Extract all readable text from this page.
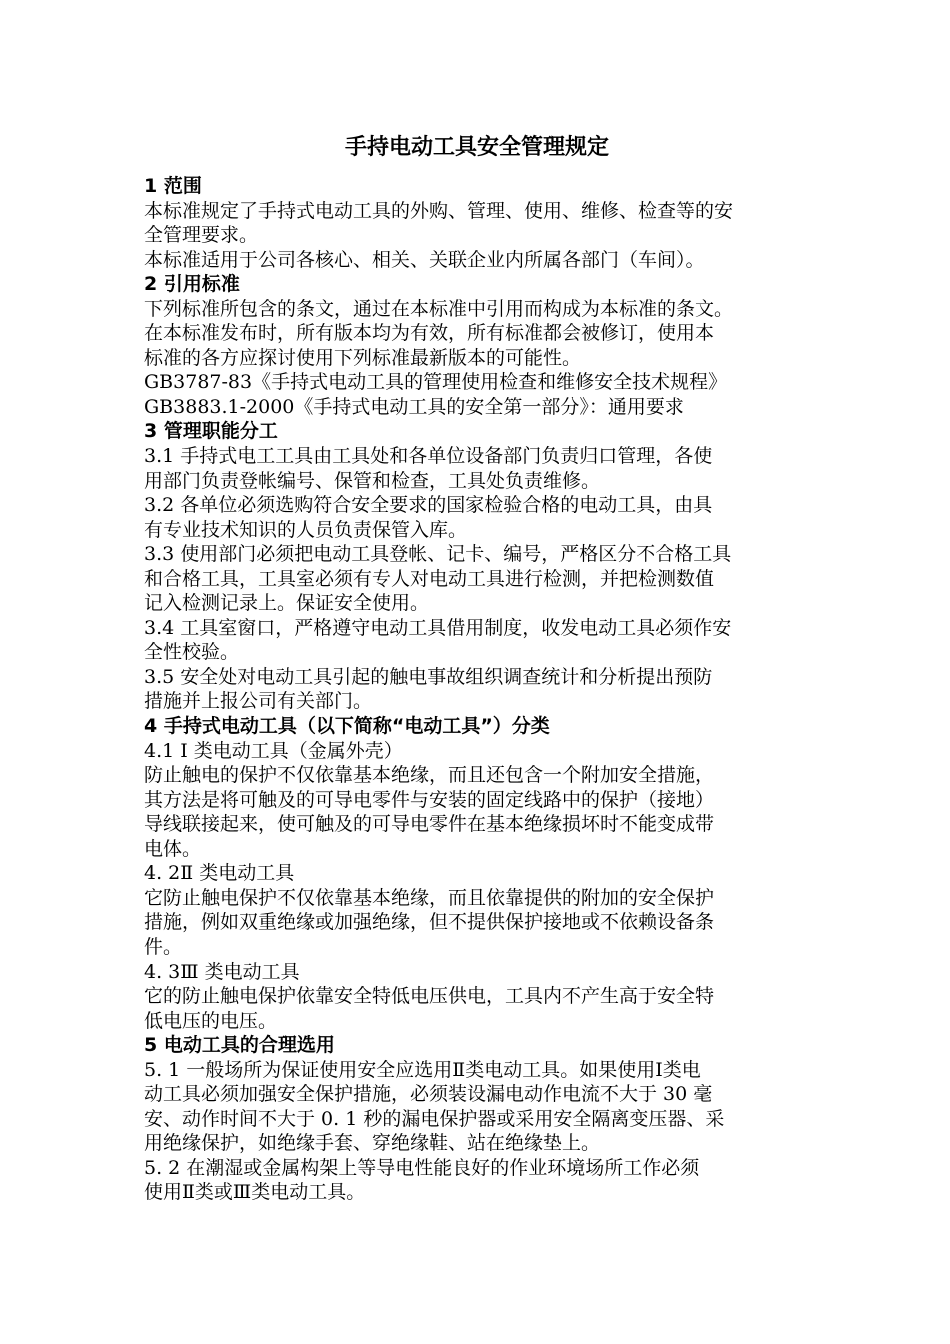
手持电动工具安全管理规定
1 范围
本标准规定了手持式电动工具的外购、管理、使用、维修、检查等的安
全管理要求。
本标准适用于公司各核心、相关、关联企业内所属各部门（车间）。
2 引用标准
下列标准所包含的条文，通过在本标准中引用而构成为本标准的条文。
在本标准发布时，所有版本均为有效，所有标准都会被修订，使用本
标准的各方应探讨使用下列标准最新版本的可能性。
GB3787-83《手持式电动工具的管理使用检查和维修安全技术规程》
GB3883.1-2000《手持式电动工具的安全第一部分》：通用要求
3 管理职能分工
3.1 手持式电工工具由工具处和各单位设备部门负责归口管理，各使
用部门负责登帐编号、保管和检查，工具处负责维修。
3.2 各单位必须选购符合安全要求的国家检验合格的电动工具，由具
有专业技术知识的人员负责保管入库。
3.3 使用部门必须把电动工具登帐、记卡、编号，严格区分不合格工具
和合格工具，工具室必须有专人对电动工具进行检测，并把检测数值
记入检测记录上。保证安全使用。
3.4 工具室窗口，严格遵守电动工具借用制度，收发电动工具必须作安
全性校验。
3.5 安全处对电动工具引起的触电事故组织调查统计和分析提出预防
措施并上报公司有关部门。
4 手持式电动工具（以下简称“电动工具”）分类
4.1 Ⅰ 类电动工具（金属外壳）
防止触电的保护不仅依靠基本绝缘，而且还包含一个附加安全措施，
其方法是将可触及的可导电零件与安装的固定线路中的保护（接地）
导线联接起来，使可触及的可导电零件在基本绝缘损坏时不能变成带
电体。
4. 2Ⅱ 类电动工具
它防止触电保护不仅依靠基本绝缘，而且依靠提供的附加的安全保护
措施，例如双重绝缘或加强绝缘，但不提供保护接地或不依赖设备条
件。
4. 3Ⅲ 类电动工具
它的防止触电保护依靠安全特低电压供电，工具内不产生高于安全特
低电压的电压。
5 电动工具的合理选用
5. 1 一般场所为保证使用安全应选用Ⅱ类电动工具。如果使用Ⅰ类电
动工具必须加强安全保护措施，必须装设漏电动作电流不大于 30 毫
安、动作时间不大于 0. 1 秒的漏电保护器或采用安全隔离变压器、采
用绝缘保护，如绝缘手套、穿绝缘鞋、站在绝缘垫上。
5. 2 在潮湿或金属构架上等导电性能良好的作业环境场所工作必须
使用Ⅱ类或Ⅲ类电动工具。
